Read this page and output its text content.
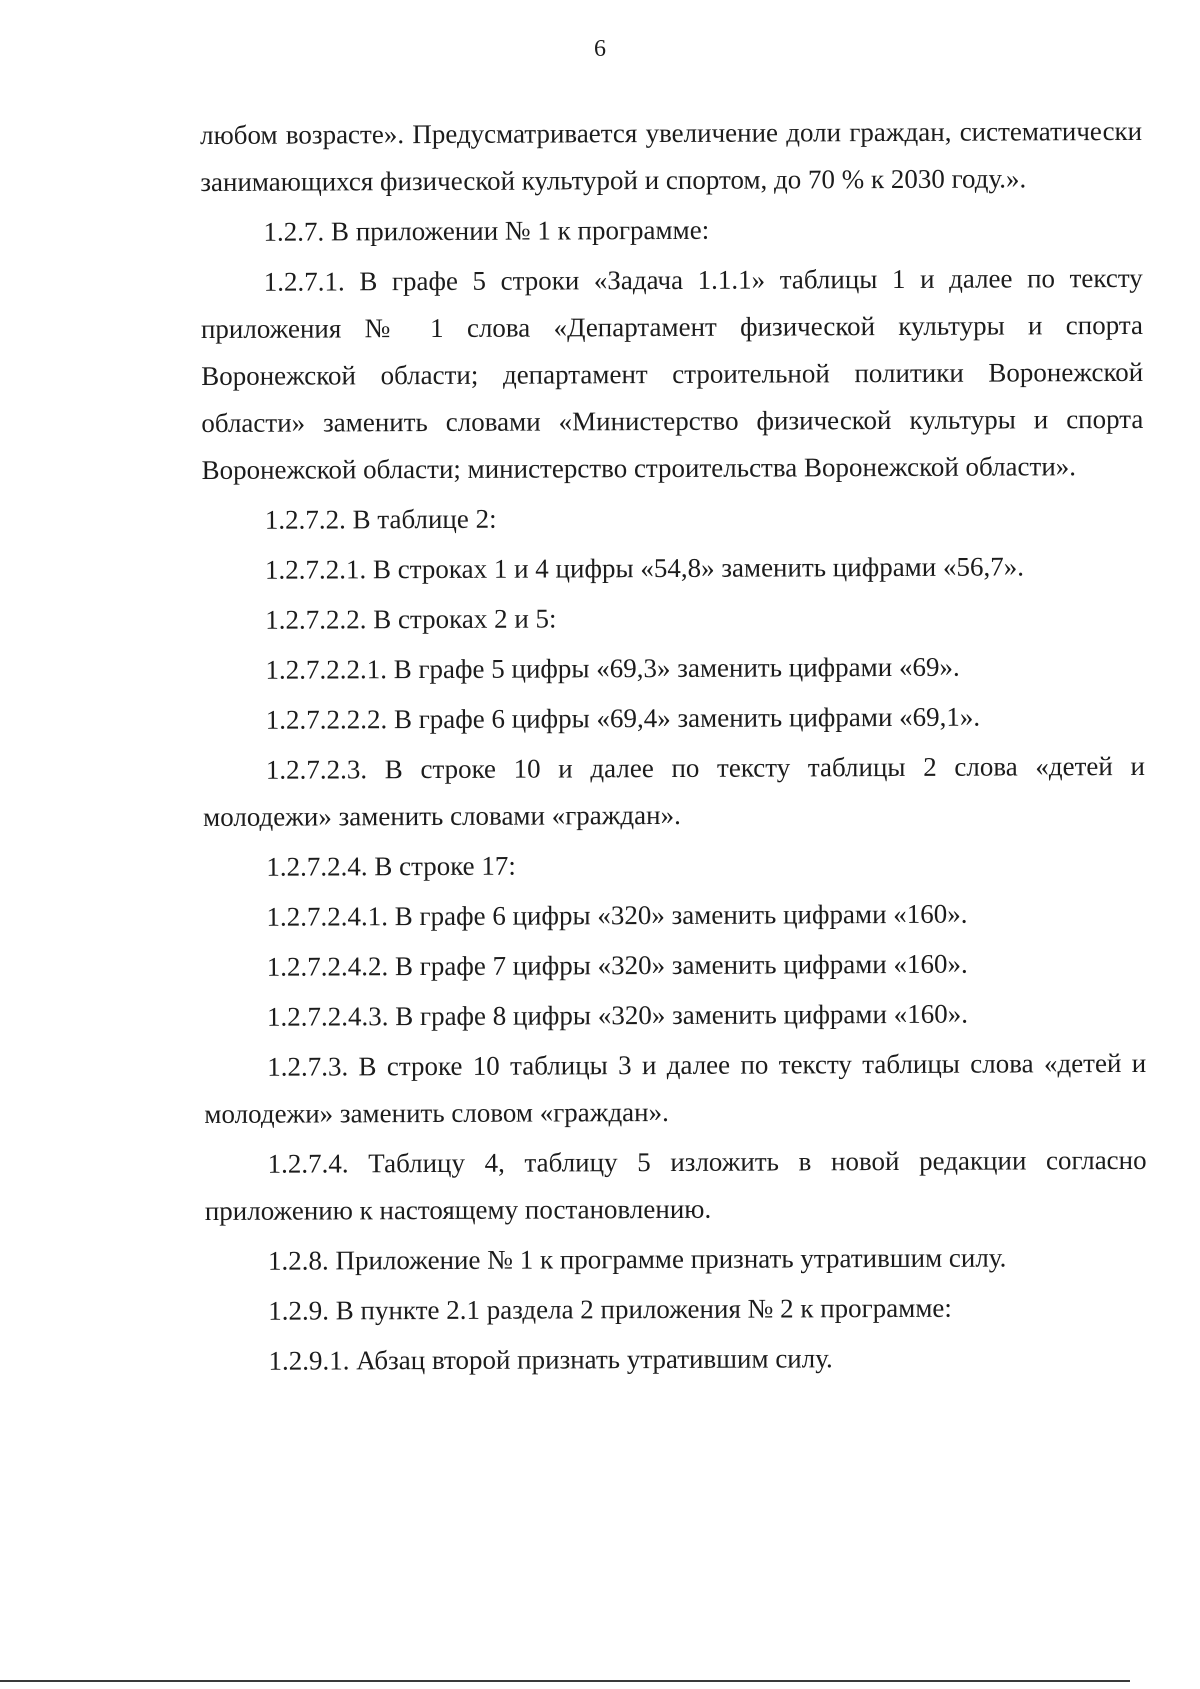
6

любом возрасте». Предусматривается увеличение доли граждан, систематически занимающихся физической культурой и спортом, до 70 % к 2030 году.».

1.2.7. В приложении № 1 к программе:

1.2.7.1. В графе 5 строки «Задача 1.1.1» таблицы 1 и далее по тексту приложения № 1 слова «Департамент физической культуры и спорта Воронежской области; департамент строительной политики Воронежской области» заменить словами «Министерство физической культуры и спорта Воронежской области; министерство строительства Воронежской области».

1.2.7.2. В таблице 2:

1.2.7.2.1. В строках 1 и 4 цифры «54,8» заменить цифрами «56,7».

1.2.7.2.2. В строках 2 и 5:

1.2.7.2.2.1. В графе 5 цифры «69,3» заменить цифрами «69».

1.2.7.2.2.2. В графе 6 цифры «69,4» заменить цифрами «69,1».

1.2.7.2.3. В строке 10 и далее по тексту таблицы 2 слова «детей и молодежи» заменить словами «граждан».

1.2.7.2.4. В строке 17:

1.2.7.2.4.1. В графе 6 цифры «320» заменить цифрами «160».

1.2.7.2.4.2. В графе 7 цифры «320» заменить цифрами «160».

1.2.7.2.4.3. В графе 8 цифры «320» заменить цифрами «160».

1.2.7.3. В строке 10 таблицы 3 и далее по тексту таблицы слова «детей и молодежи» заменить словом «граждан».

1.2.7.4. Таблицу 4, таблицу 5 изложить в новой редакции согласно приложению к настоящему постановлению.

1.2.8. Приложение № 1 к программе признать утратившим силу.

1.2.9. В пункте 2.1 раздела 2 приложения № 2 к программе:

1.2.9.1. Абзац второй признать утратившим силу.
